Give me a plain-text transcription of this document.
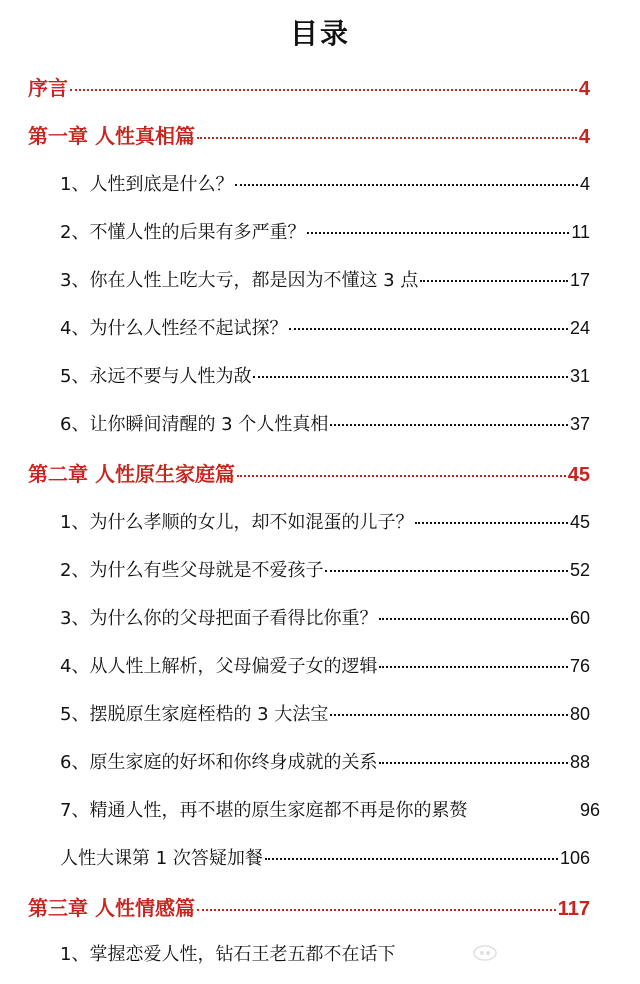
目录
序言	4
第一章 人性真相篇	4
1、人性到底是什么？	4
2、不懂人性的后果有多严重？	11
3、你在人性上吃大亏，都是因为不懂这 3 点	17
4、为什么人性经不起试探？	24
5、永远不要与人性为敌	31
6、让你瞬间清醒的 3 个人性真相	37
第二章 人性原生家庭篇	45
1、为什么孝顺的女儿，却不如混蛋的儿子？	45
2、为什么有些父母就是不爱孩子	52
3、为什么你的父母把面子看得比你重？	60
4、从人性上解析，父母偏爱子女的逻辑	76
5、摆脱原生家庭桎梏的 3 大法宝	80
6、原生家庭的好坏和你终身成就的关系	88
7、精通人性，再不堪的原生家庭都不再是你的累赘	96
人性大课第 1 次答疑加餐	106
第三章 人性情感篇	117
1、掌握恋爱人性，钻石王老五都不在话下
